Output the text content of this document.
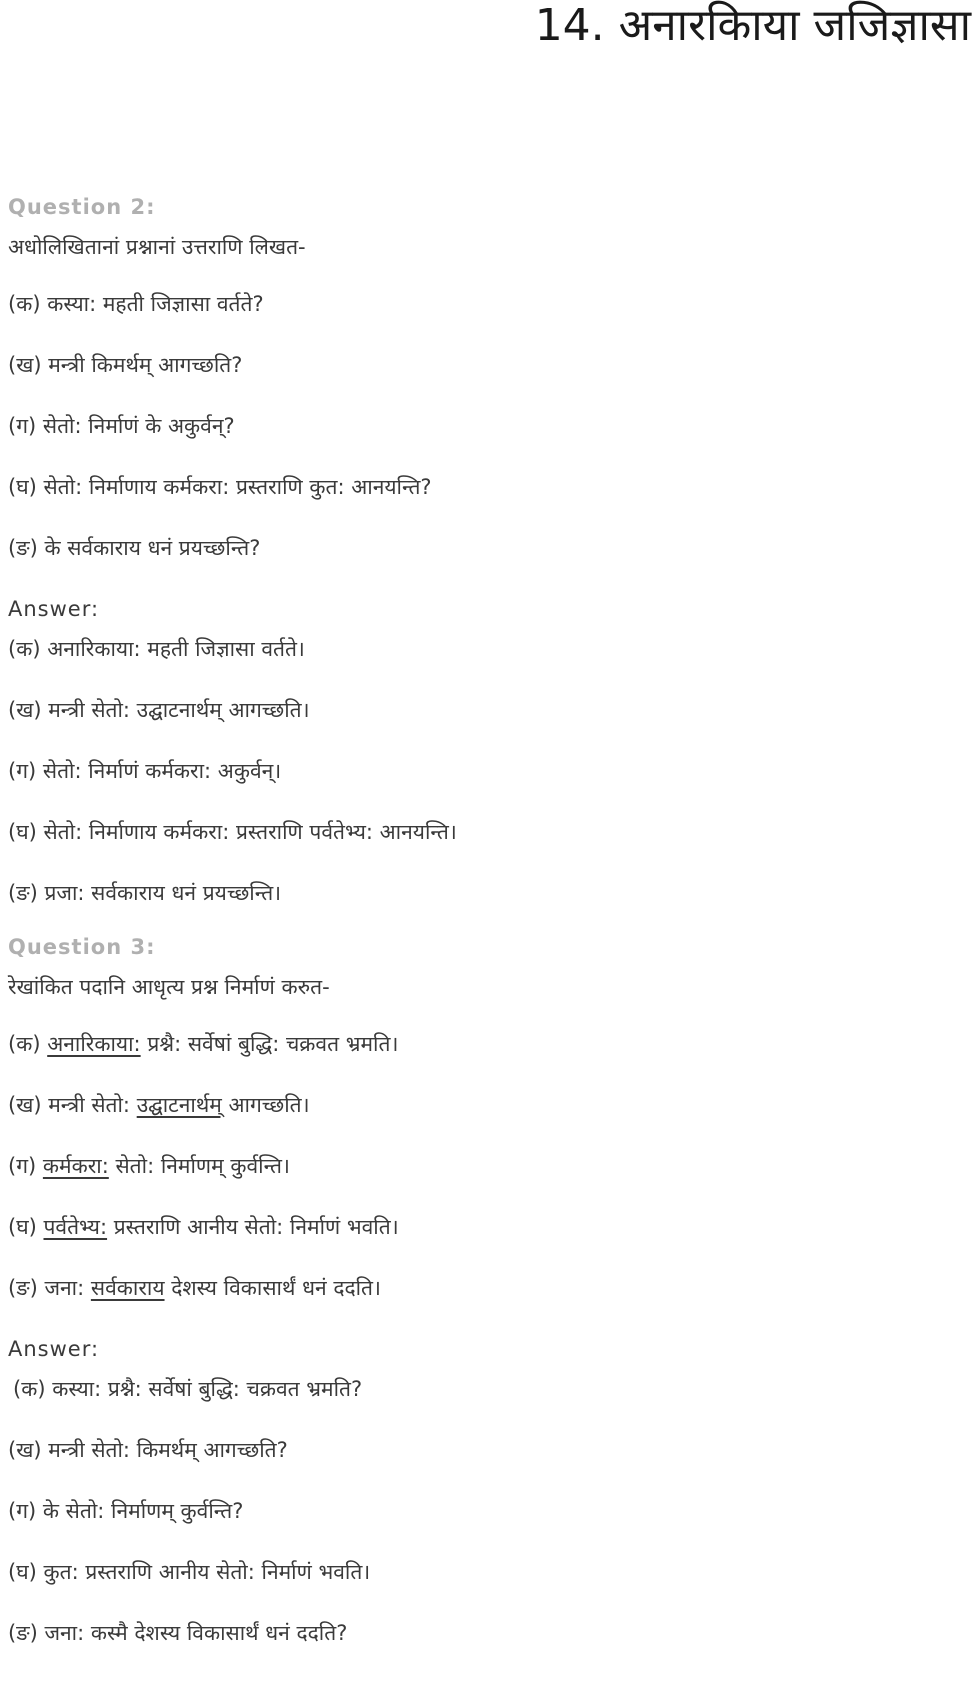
14. अनारकिाया जजिज्ञासा
Question 2:

अधोलिखितानां प्रश्नानां उत्तराणि लिखत-

(क) कस्या: महती जिज्ञासा वर्तते?

(ख) मन्त्री किमर्थम् आगच्छति?

(ग) सेतो: निर्माणं के अकुर्वन्?

(घ) सेतो: निर्माणाय कर्मकरा: प्रस्तराणि कुत: आनयन्ति?

(ङ) के सर्वकाराय धनं प्रयच्छन्ति?

Answer:

(क) अनारिकाया: महती जिज्ञासा वर्तते।

(ख) मन्त्री सेतो: उद्घाटनार्थम् आगच्छति।

(ग) सेतो: निर्माणं कर्मकरा: अकुर्वन्।

(घ) सेतो: निर्माणाय कर्मकरा: प्रस्तराणि पर्वतेभ्य: आनयन्ति।

(ङ) प्रजा: सर्वकाराय धनं प्रयच्छन्ति।

Question 3:

रेखांकित पदानि आधृत्य प्रश्न निर्माणं करुत-

(क) अनारिकाया: प्रश्नै: सर्वेषां बुद्धि: चक्रवत भ्रमति।

(ख) मन्त्री सेतो: उद्घाटनार्थम् आगच्छति।

(ग) कर्मकरा: सेतो: निर्माणम् कुर्वन्ति।

(घ) पर्वतेभ्य: प्रस्तराणि आनीय सेतो: निर्माणं भवति।

(ङ) जना: सर्वकाराय देशस्य विकासार्थं धनं ददति।

Answer:

(क) कस्या: प्रश्नै: सर्वेषां बुद्धि: चक्रवत भ्रमति?

(ख) मन्त्री सेतो: किमर्थम् आगच्छति?

(ग) के सेतो: निर्माणम् कुर्वन्ति?

(घ) कुत: प्रस्तराणि आनीय सेतो: निर्माणं भवति।

(ङ) जना: कस्मै देशस्य विकासार्थं धनं ददति?
